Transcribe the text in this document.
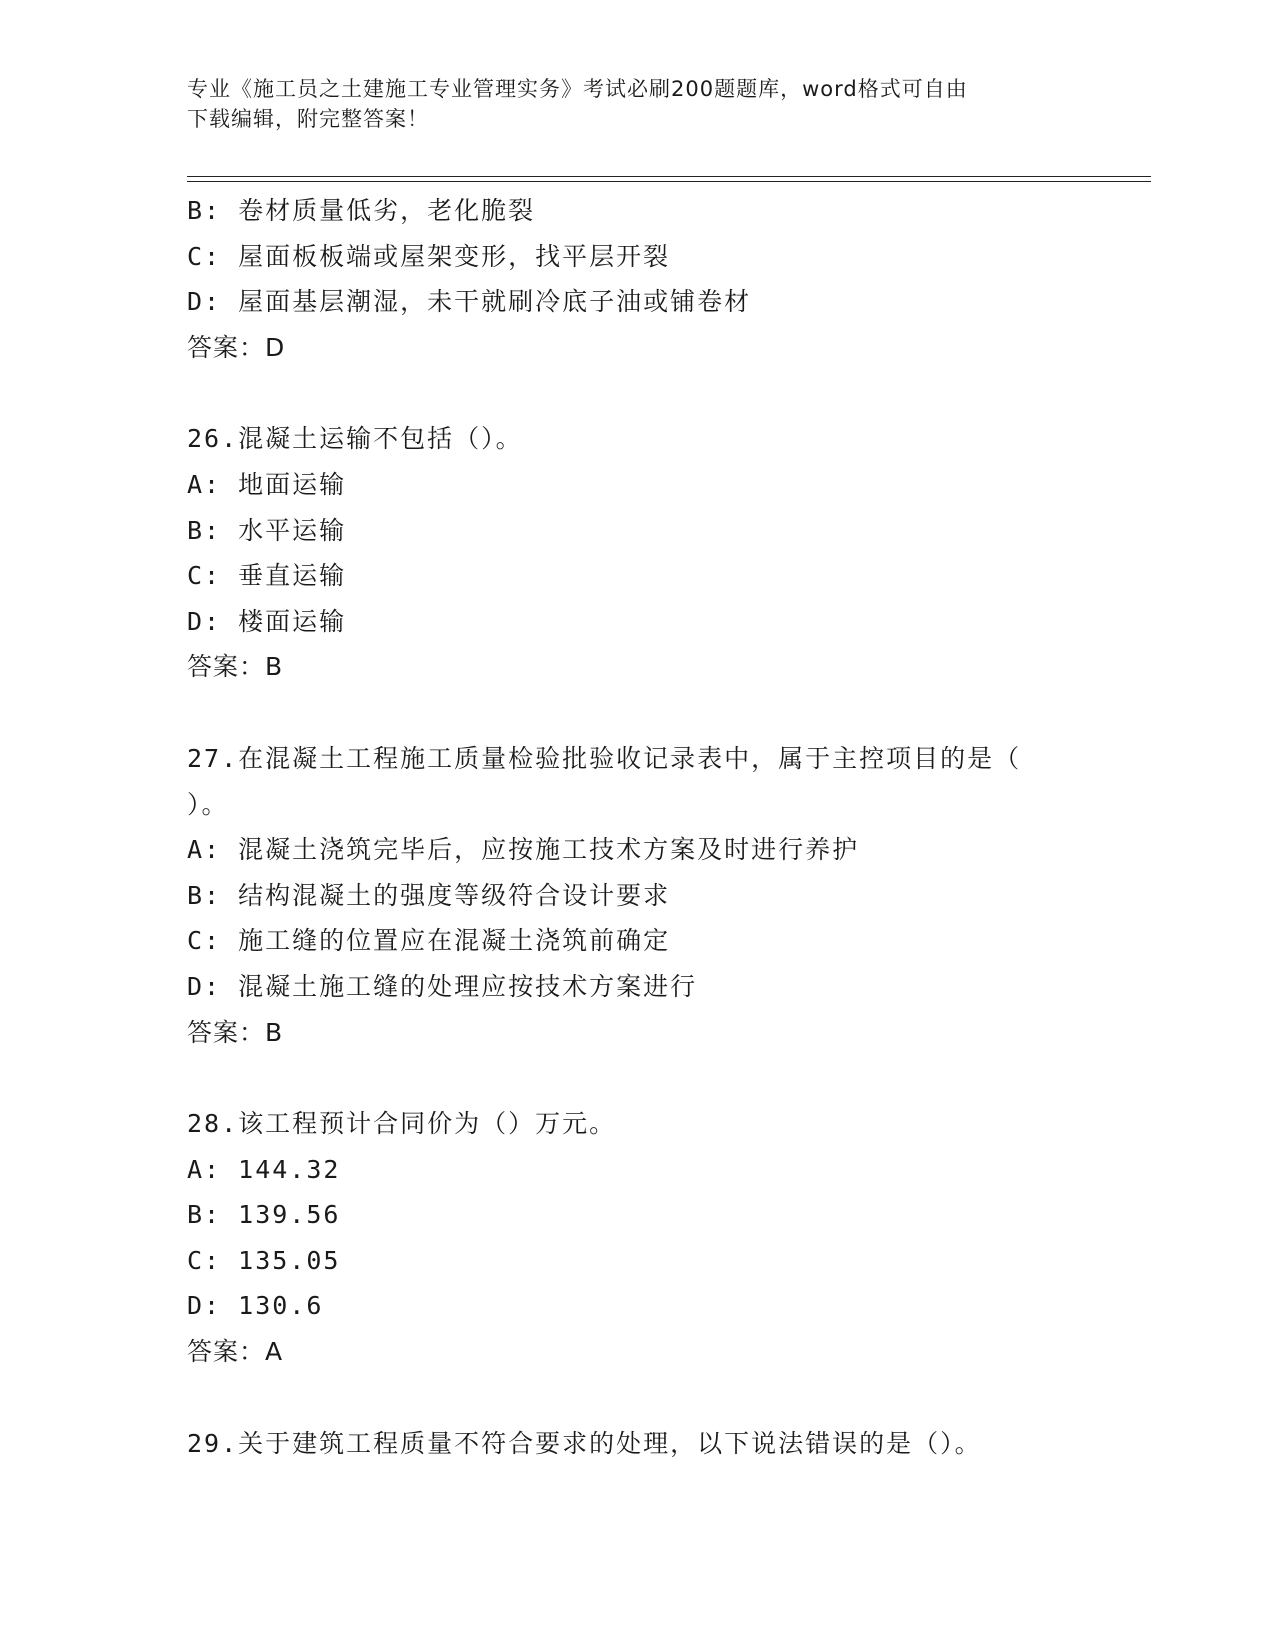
专业《施工员之土建施工专业管理实务》考试必刷200题题库，word格式可自由
下载编辑，附完整答案！
B: 卷材质量低劣，老化脆裂
C: 屋面板板端或屋架变形，找平层开裂
D: 屋面基层潮湿，未干就刷冷底子油或铺卷材
答案：D
26.混凝土运输不包括（）。
A: 地面运输
B: 水平运输
C: 垂直运输
D: 楼面运输
答案：B
27.在混凝土工程施工质量检验批验收记录表中，属于主控项目的是（
）。
A: 混凝土浇筑完毕后，应按施工技术方案及时进行养护
B: 结构混凝土的强度等级符合设计要求
C: 施工缝的位置应在混凝土浇筑前确定
D: 混凝土施工缝的处理应按技术方案进行
答案：B
28.该工程预计合同价为（）万元。
A: 144.32
B: 139.56
C: 135.05
D: 130.6
答案：A
29.关于建筑工程质量不符合要求的处理，以下说法错误的是（）。
